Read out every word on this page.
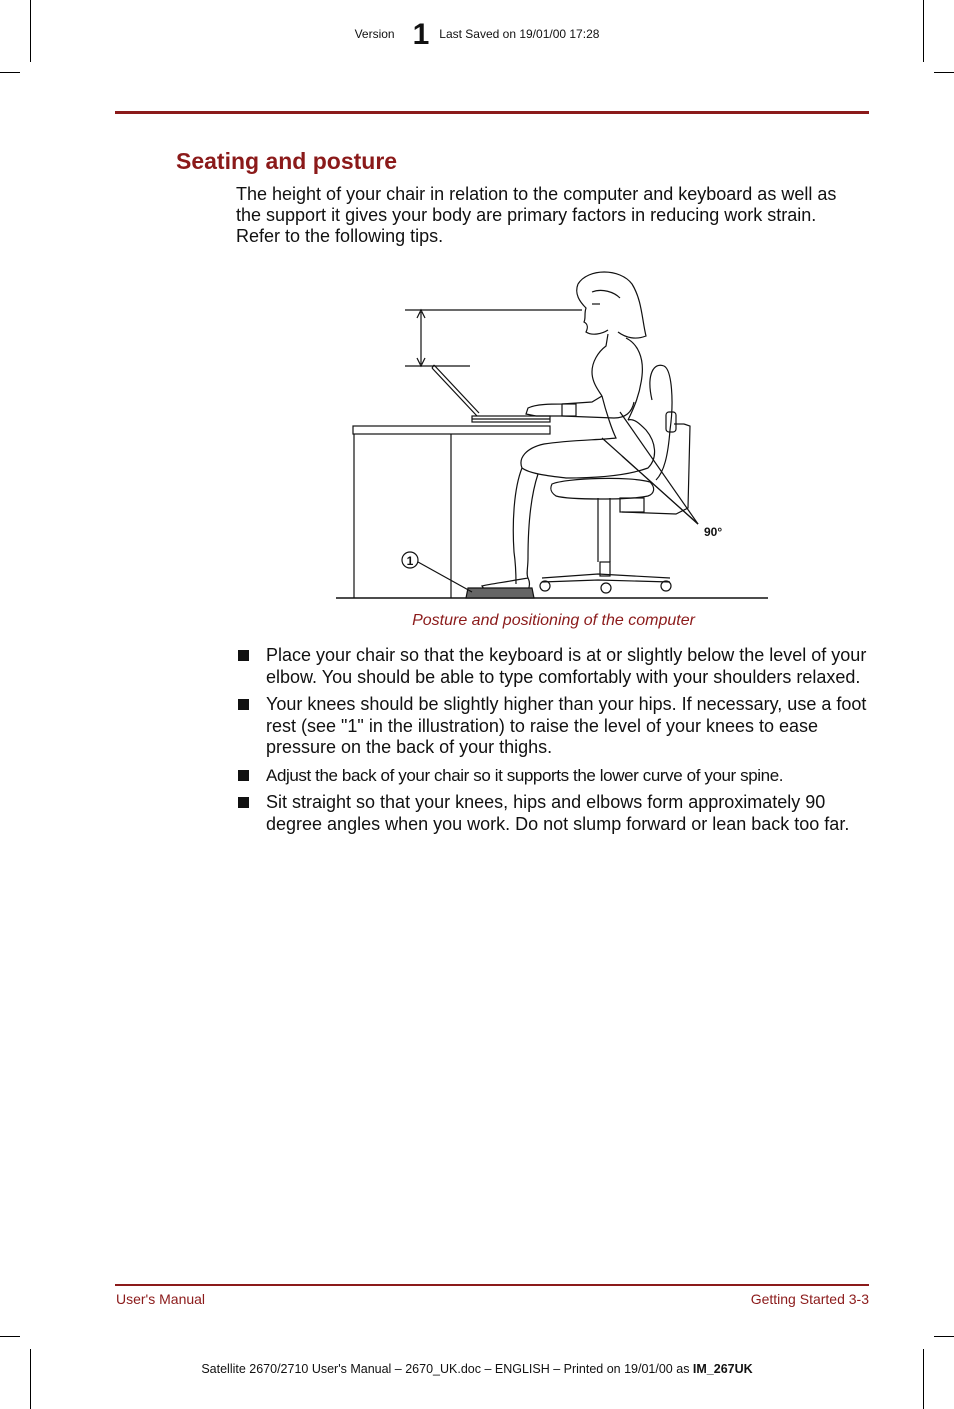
Version 1 Last Saved on 19/01/00 17:28
Seating and posture
The height of your chair in relation to the computer and keyboard as well as the support it gives your body are primary factors in reducing work strain. Refer to the following tips.
1
90°
Posture and positioning of the computer
Place your chair so that the keyboard is at or slightly below the level of your elbow. You should be able to type comfortably with your shoulders relaxed.
Your knees should be slightly higher than your hips. If necessary, use a foot rest (see "1" in the illustration) to raise the level of your knees to ease pressure on the back of your thighs.
Adjust the back of your chair so it supports the lower curve of your spine.
Sit straight so that your knees, hips and elbows form approximately 90 degree angles when you work. Do not slump forward or lean back too far.
User's Manual	Getting Started 3-3
Satellite 2670/2710 User's Manual – 2670_UK.doc – ENGLISH – Printed on 19/01/00 as IM_267UK
